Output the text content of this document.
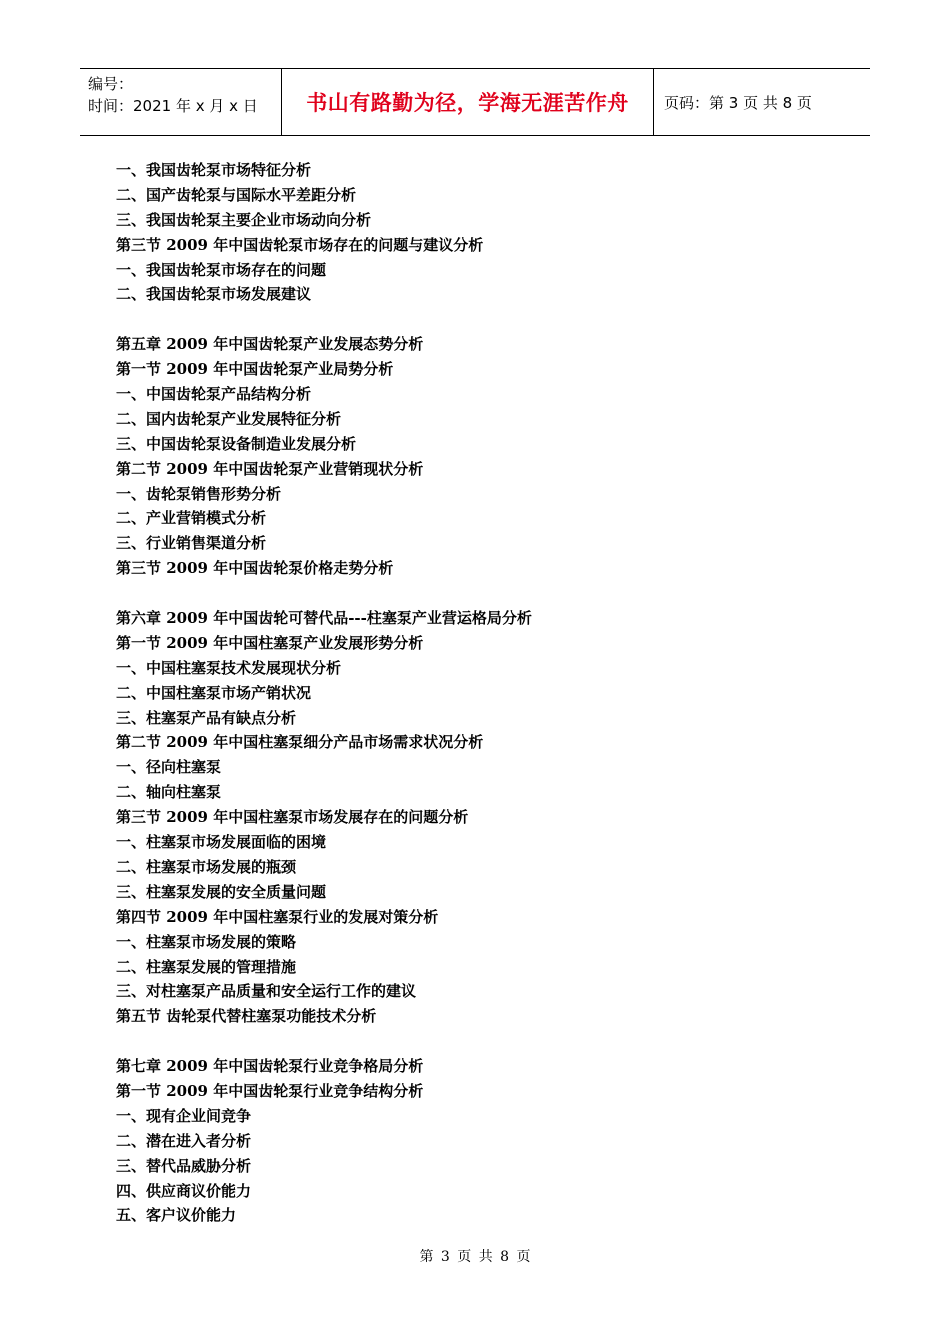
编号：
时间：2021 年 x 月 x 日	书山有路勤为径，学海无涯苦作舟 页码：第 3 页 共 8 页
一、我国齿轮泵市场特征分析
二、国产齿轮泵与国际水平差距分析
三、我国齿轮泵主要企业市场动向分析
第三节 2009 年中国齿轮泵市场存在的问题与建议分析
一、我国齿轮泵市场存在的问题
二、我国齿轮泵市场发展建议
第五章 2009 年中国齿轮泵产业发展态势分析
第一节 2009 年中国齿轮泵产业局势分析
一、中国齿轮泵产品结构分析
二、国内齿轮泵产业发展特征分析
三、中国齿轮泵设备制造业发展分析
第二节 2009 年中国齿轮泵产业营销现状分析
一、齿轮泵销售形势分析
二、产业营销模式分析
三、行业销售渠道分析
第三节 2009 年中国齿轮泵价格走势分析
第六章 2009 年中国齿轮可替代品---柱塞泵产业营运格局分析
第一节 2009 年中国柱塞泵产业发展形势分析
一、中国柱塞泵技术发展现状分析
二、中国柱塞泵市场产销状况
三、柱塞泵产品有缺点分析
第二节 2009 年中国柱塞泵细分产品市场需求状况分析
一、径向柱塞泵
二、轴向柱塞泵
第三节 2009 年中国柱塞泵市场发展存在的问题分析
一、柱塞泵市场发展面临的困境
二、柱塞泵市场发展的瓶颈
三、柱塞泵发展的安全质量问题
第四节 2009 年中国柱塞泵行业的发展对策分析
一、柱塞泵市场发展的策略
二、柱塞泵发展的管理措施
三、对柱塞泵产品质量和安全运行工作的建议
第五节 齿轮泵代替柱塞泵功能技术分析
第七章 2009 年中国齿轮泵行业竞争格局分析
第一节 2009 年中国齿轮泵行业竞争结构分析
一、现有企业间竞争
二、潜在进入者分析
三、替代品威胁分析
四、供应商议价能力
五、客户议价能力
第 3 页 共 8 页
